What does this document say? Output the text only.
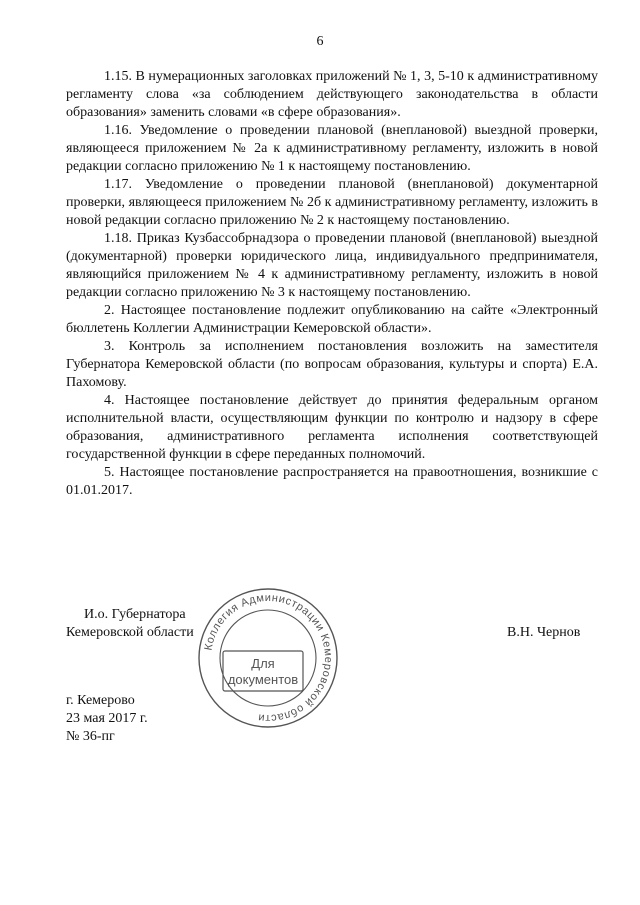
6

1.15. В нумерационных заголовках приложений № 1, 3, 5-10 к административному регламенту слова «за соблюдением действующего законодательства в области образования» заменить словами «в сфере образования».

1.16. Уведомление о проведении плановой (внеплановой) выездной проверки, являющееся приложением № 2а к административному регламенту, изложить в новой редакции согласно приложению № 1 к настоящему постановлению.

1.17. Уведомление о проведении плановой (внеплановой) документарной проверки, являющееся приложением № 2б к административному регламенту, изложить в новой редакции согласно приложению № 2 к настоящему постановлению.

1.18. Приказ Кузбассобрнадзора о проведении плановой (внеплановой) выездной (документарной) проверки юридического лица, индивидуального предпринимателя, являющийся приложением № 4 к административному регламенту, изложить в новой редакции согласно приложению № 3 к настоящему постановлению.

2. Настоящее постановление подлежит опубликованию на сайте «Электронный бюллетень Коллегии Администрации Кемеровской области».

3. Контроль за исполнением постановления возложить на заместителя Губернатора Кемеровской области (по вопросам образования, культуры и спорта) Е.А. Пахомову.

4. Настоящее постановление действует до принятия федеральным органом исполнительной власти, осуществляющим функции по контролю и надзору в сфере образования, административного регламента исполнения соответствующей государственной функции в сфере переданных полномочий.

5. Настоящее постановление распространяется на правоотношения, возникшие с 01.01.2017.

И.о. Губернатора
Кемеровской области	В.Н. Чернов
г. Кемерово
23 мая 2017 г.
№ 36-пг
Коллегия Администрации Кемеровской области
Для
документов
